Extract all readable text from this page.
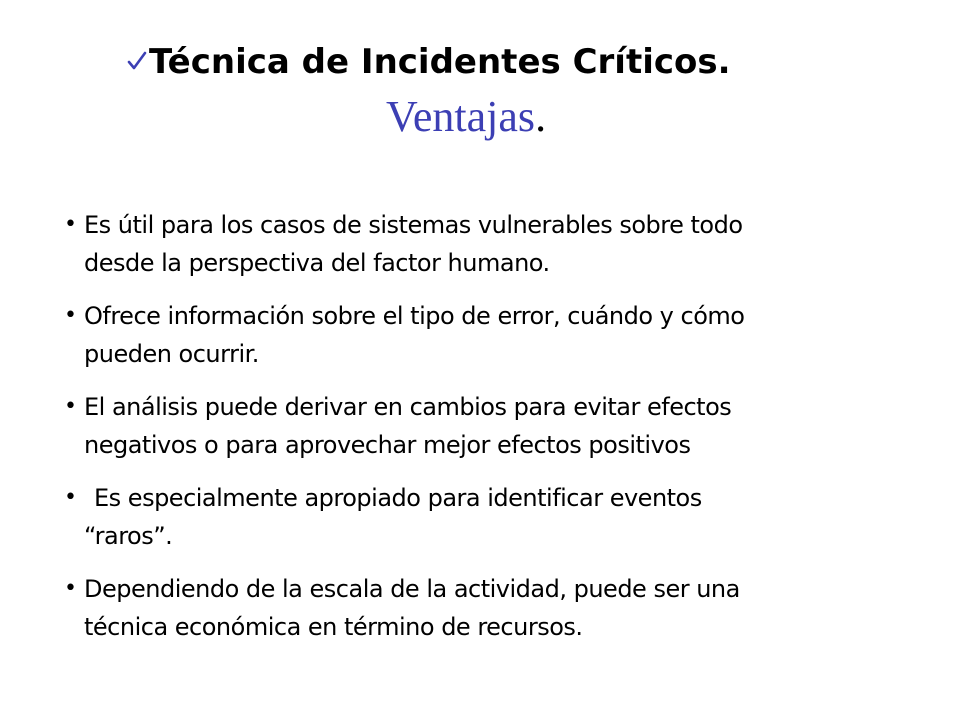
Técnica de Incidentes Críticos.
Ventajas.
• Es útil para los casos de sistemas vulnerables sobre todo
desde la perspectiva del factor humano.
• Ofrece información sobre el tipo de error, cuándo y cómo
pueden ocurrir.
• El análisis puede derivar en cambios para evitar efectos
negativos o para aprovechar mejor efectos positivos
• Es especialmente apropiado para identificar eventos
“raros”.
• Dependiendo de la escala de la actividad, puede ser una
técnica económica en término de recursos.
